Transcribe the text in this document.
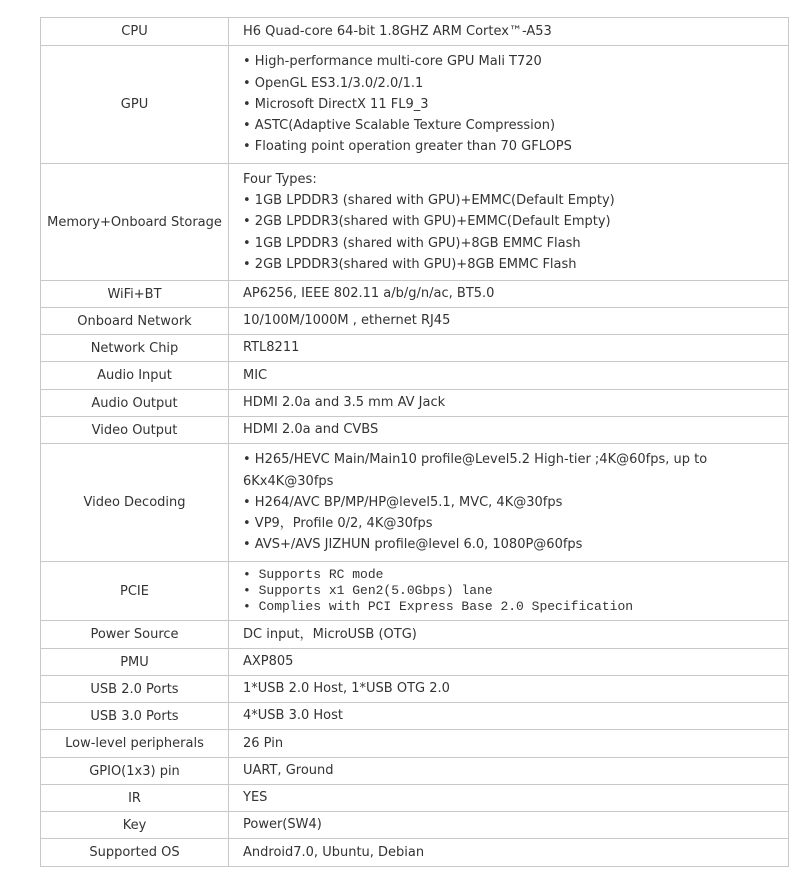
CPU	H6 Quad-core 64-bit 1.8GHZ ARM Cortex™-A53

GPU	• High-performance multi-core GPU Mali T720
• OpenGL ES3.1/3.0/2.0/1.1
• Microsoft DirectX 11 FL9_3
• ASTC(Adaptive Scalable Texture Compression)
• Floating point operation greater than 70 GFLOPS

Memory+Onboard Storage	Four Types:
• 1GB LPDDR3 (shared with GPU)+EMMC(Default Empty)
• 2GB LPDDR3(shared with GPU)+EMMC(Default Empty)
• 1GB LPDDR3 (shared with GPU)+8GB EMMC Flash
• 2GB LPDDR3(shared with GPU)+8GB EMMC Flash

WiFi+BT	AP6256, IEEE 802.11 a/b/g/n/ac, BT5.0

Onboard Network	10/100M/1000M , ethernet RJ45

Network Chip	RTL8211

Audio Input	MIC

Audio Output	HDMI 2.0a and 3.5 mm AV Jack

Video Output	HDMI 2.0a and CVBS

Video Decoding	• H265/HEVC Main/Main10 profile@Level5.2 High-tier ;4K@60fps, up to 6Kx4K@30fps
• H264/AVC BP/MP/HP@level5.1, MVC, 4K@30fps
• VP9，Profile 0/2, 4K@30fps
• AVS+/AVS JIZHUN profile@level 6.0, 1080P@60fps

PCIE	• Supports RC mode
• Supports x1 Gen2(5.0Gbps) lane
• Complies with PCI Express Base 2.0 Specification

Power Source	DC input，MicroUSB (OTG)

PMU	AXP805

USB 2.0 Ports	1*USB 2.0 Host, 1*USB OTG 2.0

USB 3.0 Ports	4*USB 3.0 Host

Low-level peripherals	26 Pin

GPIO(1x3) pin	UART, Ground

IR	YES

Key	Power(SW4)

Supported OS	Android7.0, Ubuntu, Debian
